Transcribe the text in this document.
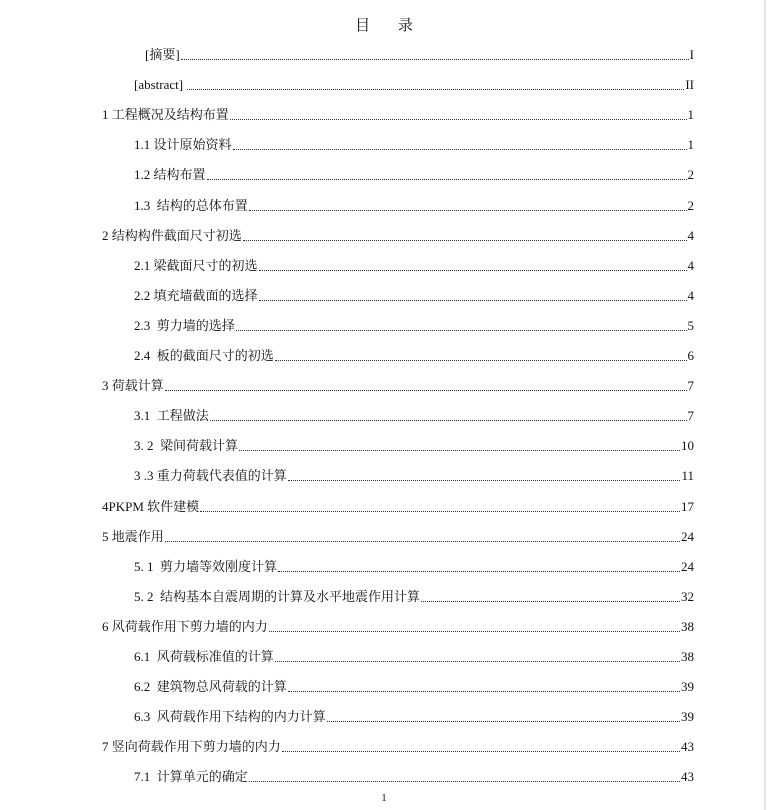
目 录
[摘要]	I
[abstract]	II
1 工程概况及结构布置	1
1.1 设计原始资料	1
1.2 结构布置	2
1.3  结构的总体布置	2
2 结构构件截面尺寸初选	4
2.1 梁截面尺寸的初选	4
2.2 填充墙截面的选择	4
2.3  剪力墙的选择	5
2.4  板的截面尺寸的初选	6
3 荷载计算	7
3.1  工程做法	7
3. 2  梁间荷载计算	10
3 .3 重力荷载代表值的计算	11
4PKPM 软件建模	17
5 地震作用	24
5. 1  剪力墙等效刚度计算	24
5. 2  结构基本自震周期的计算及水平地震作用计算	32
6 风荷载作用下剪力墙的内力	38
6.1  风荷载标准值的计算	38
6.2  建筑物总风荷载的计算	39
6.3  风荷载作用下结构的内力计算	39
7 竖向荷载作用下剪力墙的内力	43
7.1  计算单元的确定	43
1
